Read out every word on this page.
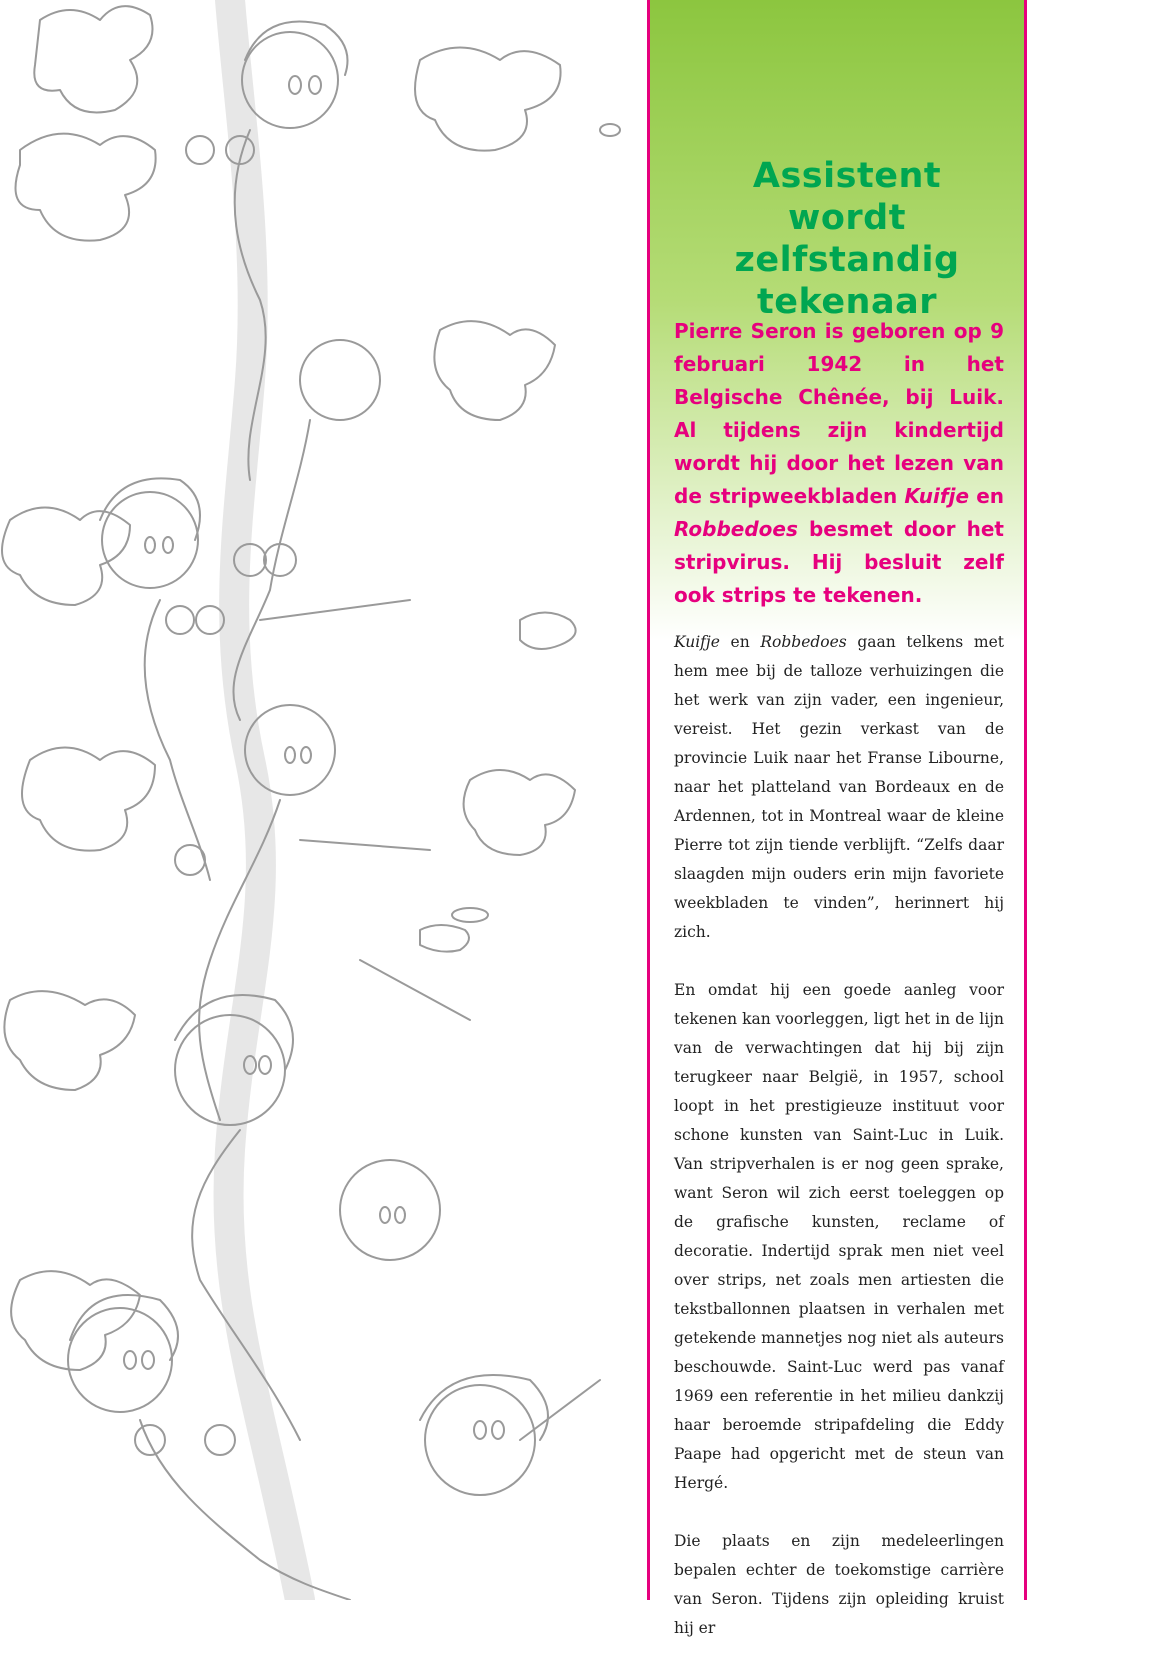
Assistent
wordt zelfstandig
tekenaar

Pierre Seron is geboren op 9 februari 1942 in het Belgische Chênée, bij Luik. Al tijdens zijn kindertijd wordt hij door het lezen van de stripweekbladen Kuifje en Robbedoes besmet door het stripvirus. Hij besluit zelf ook strips te tekenen.

Kuifje en Robbedoes gaan telkens met hem mee bij de talloze verhuizingen die het werk van zijn vader, een ingenieur, vereist. Het gezin verkast van de provincie Luik naar het Franse Libourne, naar het platteland van Bordeaux en de Ardennen, tot in Montreal waar de kleine Pierre tot zijn tiende verblijft. “Zelfs daar slaagden mijn ouders erin mijn favoriete weekbladen te vinden”, herinnert hij zich.

En omdat hij een goede aanleg voor tekenen kan voorleggen, ligt het in de lijn van de verwachtingen dat hij bij zijn terugkeer naar België, in 1957, school loopt in het prestigieuze instituut voor schone kunsten van Saint-Luc in Luik. Van stripverhalen is er nog geen sprake, want Seron wil zich eerst toeleggen op de grafische kunsten, reclame of decoratie. Indertijd sprak men niet veel over strips, net zoals men artiesten die tekstballonnen plaatsen in verhalen met getekende mannetjes nog niet als auteurs beschouwde. Saint-Luc werd pas vanaf 1969 een referentie in het milieu dankzij haar beroemde stripafdeling die Eddy Paape had opgericht met de steun van Hergé.

Die plaats en zijn medeleerlingen bepalen echter de toekomstige carrière van Seron. Tijdens zijn opleiding kruist hij er
